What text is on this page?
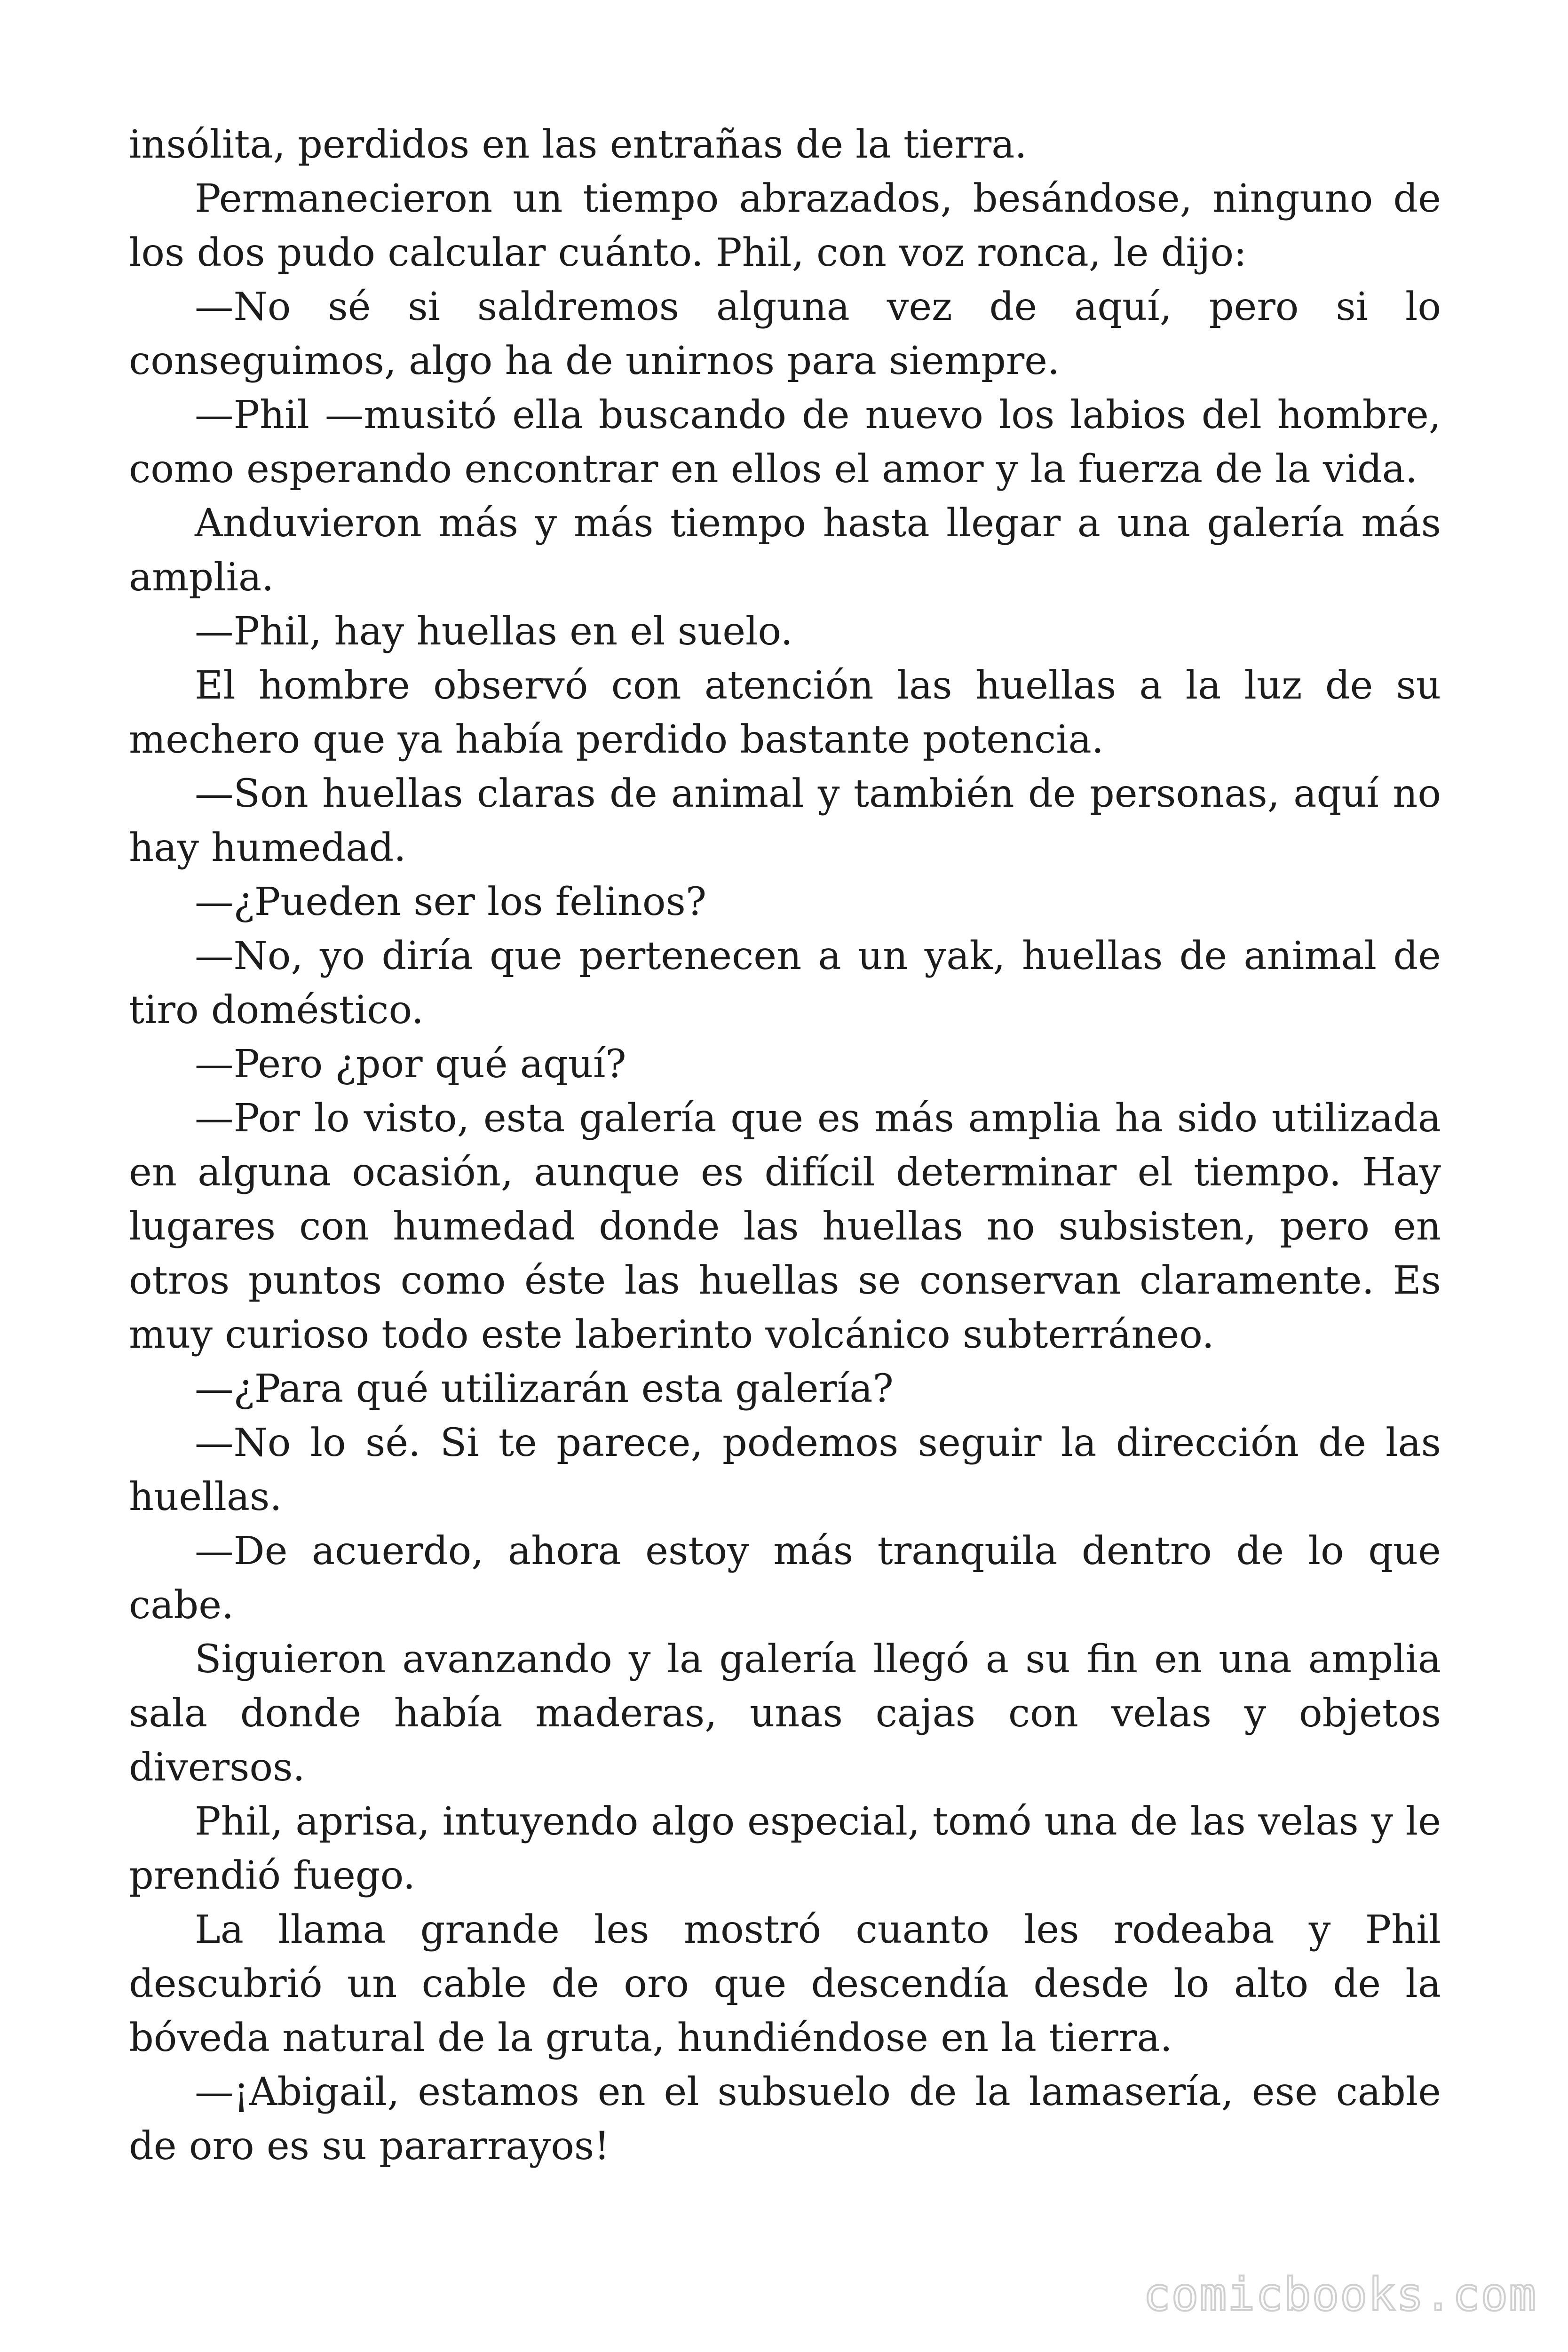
insólita, perdidos en las entrañas de la tierra.

Permanecieron un tiempo abrazados, besándose, ninguno de los dos pudo calcular cuánto. Phil, con voz ronca, le dijo:

—No sé si saldremos alguna vez de aquí, pero si lo conseguimos, algo ha de unirnos para siempre.

—Phil —musitó ella buscando de nuevo los labios del hombre, como esperando encontrar en ellos el amor y la fuerza de la vida.

Anduvieron más y más tiempo hasta llegar a una galería más amplia.

—Phil, hay huellas en el suelo.

El hombre observó con atención las huellas a la luz de su mechero que ya había perdido bastante potencia.

—Son huellas claras de animal y también de personas, aquí no hay humedad.

—¿Pueden ser los felinos?

—No, yo diría que pertenecen a un yak, huellas de animal de tiro doméstico.

—Pero ¿por qué aquí?

—Por lo visto, esta galería que es más amplia ha sido utilizada en alguna ocasión, aunque es difícil determinar el tiempo. Hay lugares con humedad donde las huellas no subsisten, pero en otros puntos como éste las huellas se conservan claramente. Es muy curioso todo este laberinto volcánico subterráneo.

—¿Para qué utilizarán esta galería?

—No lo sé. Si te parece, podemos seguir la dirección de las huellas.

—De acuerdo, ahora estoy más tranquila dentro de lo que cabe.

Siguieron avanzando y la galería llegó a su fin en una amplia sala donde había maderas, unas cajas con velas y objetos diversos.

Phil, aprisa, intuyendo algo especial, tomó una de las velas y le prendió fuego.

La llama grande les mostró cuanto les rodeaba y Phil descubrió un cable de oro que descendía desde lo alto de la bóveda natural de la gruta, hundiéndose en la tierra.

—¡Abigail, estamos en el subsuelo de la lamasería, ese cable de oro es su pararrayos!

comicbooks.com
